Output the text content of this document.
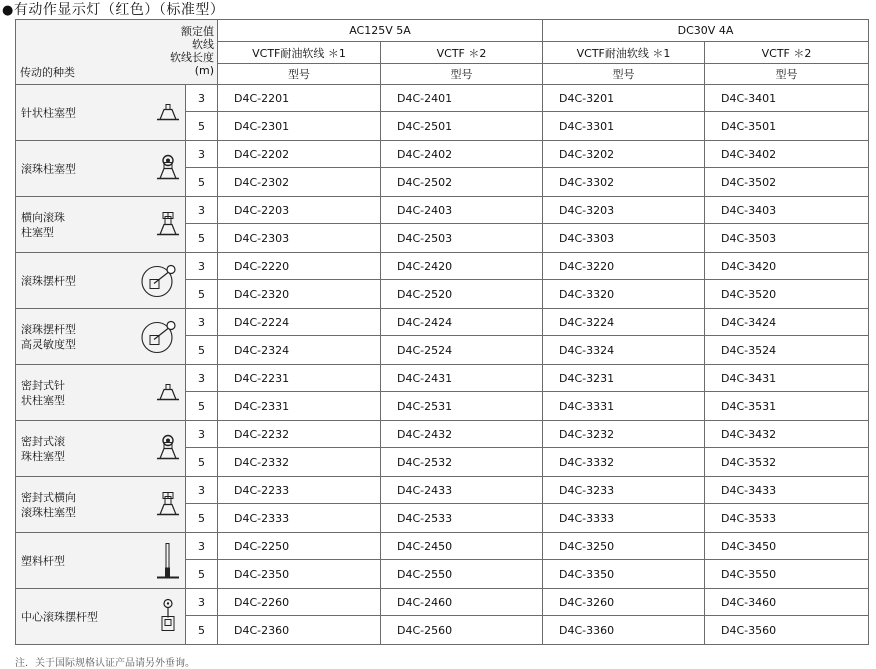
●有动作显示灯（红色）（标准型）
额定值
软线
软线长度
(m)
传动的种类		AC125V 5A		DC30V 4A	
		VCTF耐油软线 ＊1	VCTF ＊2	VCTF耐油软线 ＊1	VCTF ＊2
		型号	型号	型号	型号

针状柱塞型	3	D4C-2201	D4C-2401	D4C-3201	D4C-3401
	5	D4C-2301	D4C-2501	D4C-3301	D4C-3501

滚珠柱塞型	3	D4C-2202	D4C-2402	D4C-3202	D4C-3402
	5	D4C-2302	D4C-2502	D4C-3302	D4C-3502

横向滚珠
柱塞型	3	D4C-2203	D4C-2403	D4C-3203	D4C-3403
	5	D4C-2303	D4C-2503	D4C-3303	D4C-3503

滚珠摆杆型	3	D4C-2220	D4C-2420	D4C-3220	D4C-3420
	5	D4C-2320	D4C-2520	D4C-3320	D4C-3520

滚珠摆杆型
高灵敏度型	3	D4C-2224	D4C-2424	D4C-3224	D4C-3424
	5	D4C-2324	D4C-2524	D4C-3324	D4C-3524

密封式针
状柱塞型	3	D4C-2231	D4C-2431	D4C-3231	D4C-3431
	5	D4C-2331	D4C-2531	D4C-3331	D4C-3531

密封式滚
珠柱塞型	3	D4C-2232	D4C-2432	D4C-3232	D4C-3432
	5	D4C-2332	D4C-2532	D4C-3332	D4C-3532

密封式横向
滚珠柱塞型	3	D4C-2233	D4C-2433	D4C-3233	D4C-3433
	5	D4C-2333	D4C-2533	D4C-3333	D4C-3533

塑料杆型	3	D4C-2250	D4C-2450	D4C-3250	D4C-3450
	5	D4C-2350	D4C-2550	D4C-3350	D4C-3550

中心滚珠摆杆型	3	D4C-2260	D4C-2460	D4C-3260	D4C-3460
	5	D4C-2360	D4C-2560	D4C-3360	D4C-3560
注．关于国际规格认证产品请另外垂询。
